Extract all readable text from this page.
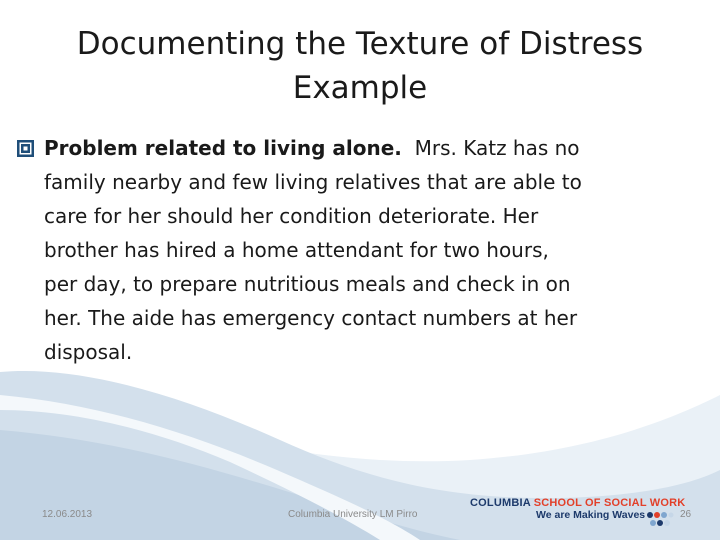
Documenting the Texture of Distress
Example
Problem related to living alone.  Mrs. Katz has no
family nearby and few living relatives that are able to
care for her should her condition deteriorate. Her
brother has hired a home attendant for two hours,
per day, to prepare nutritious meals and check in on
her. The aide has emergency contact numbers at her
disposal.
12.06.2013	Columbia University LM Pirro
COLUMBIA SCHOOL OF SOCIAL WORK
We are Making Waves	26
